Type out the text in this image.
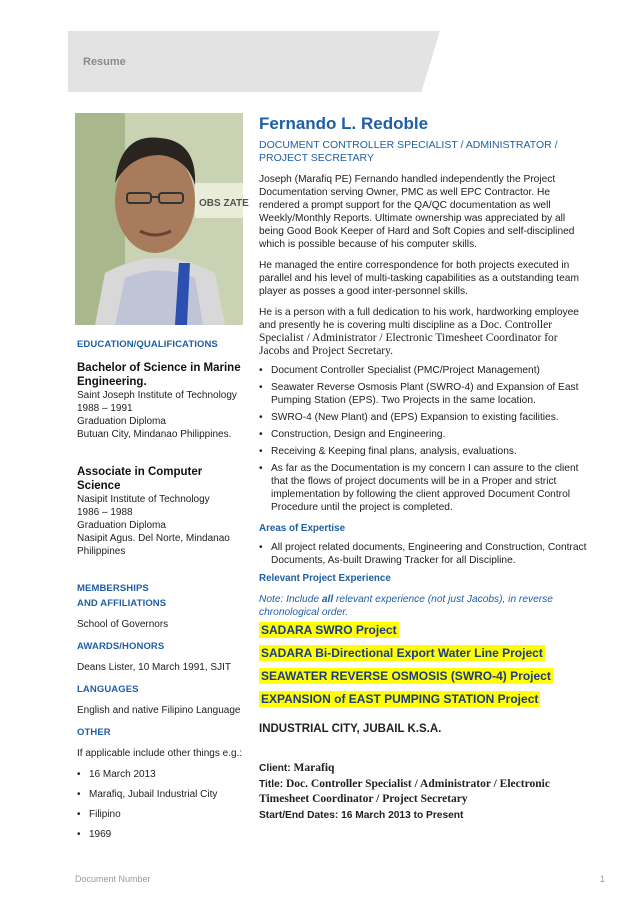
Resume
OBS ZATE
EDUCATION/QUALIFICATIONS
Bachelor of Science in Marine Engineering.
Saint Joseph Institute of Technology
1988 – 1991
Graduation Diploma
Butuan City, Mindanao Philippines.
Associate in Computer Science
Nasipit Institute of Technology
1986 – 1988
Graduation Diploma
Nasipit Agus. Del Norte, Mindanao Philippines
MEMBERSHIPS
AND AFFILIATIONS
School of Governors
AWARDS/HONORS
Deans Lister, 10 March 1991, SJIT
LANGUAGES
English and native Filipino Language
OTHER
If applicable include other things e.g.:
• 16 March 2013
• Marafiq, Jubail Industrial City
• Filipino
• 1969
Fernando L. Redoble
DOCUMENT CONTROLLER SPECIALIST / ADMINISTRATOR / PROJECT SECRETARY
Joseph (Marafiq PE) Fernando handled independently the Project Documentation serving Owner, PMC as well EPC Contractor. He rendered a prompt support for the QA/QC documentation as well Weekly/Monthly Reports. Ultimate ownership was appreciated by all being Good Book Keeper of Hard and Soft Copies and self-disciplined which is possible because of his computer skills.
He managed the entire correspondence for both projects executed in parallel and his level of multi-tasking capabilities as a outstanding team player as posses a good inter-personnel skills.
He is a person with a full dedication to his work, hardworking employee and presently he is covering multi discipline as a Doc. Controller Specialist / Administrator / Electronic Timesheet Coordinator for Jacobs and Project Secretary.
• Document Controller Specialist (PMC/Project Management)
• Seawater Reverse Osmosis Plant (SWRO-4) and Expansion of East Pumping Station (EPS). Two Projects in the same location.
• SWRO-4 (New Plant) and (EPS) Expansion to existing facilities.
• Construction, Design and Engineering.
• Receiving & Keeping final plans, analysis, evaluations.
• As far as the Documentation is my concern I can assure to the client that the flows of project documents will be in a Proper and strict implementation by following the client approved Document Control Procedure until the project is completed.
Areas of Expertise
• All project related documents, Engineering and Construction, Contract Documents, As-built Drawing Tracker for all Discipline.
Relevant Project Experience
Note: Include all relevant experience (not just Jacobs), in reverse chronological order.
SADARA SWRO Project
SADARA Bi-Directional Export Water Line Project
SEAWATER REVERSE OSMOSIS (SWRO-4) Project
EXPANSION of EAST PUMPING STATION Project
INDUSTRIAL CITY, JUBAIL K.S.A.
Client: Marafiq
Title: Doc. Controller Specialist / Administrator / Electronic Timesheet Coordinator / Project Secretary
Start/End Dates: 16 March 2013 to Present
Document Number	1
